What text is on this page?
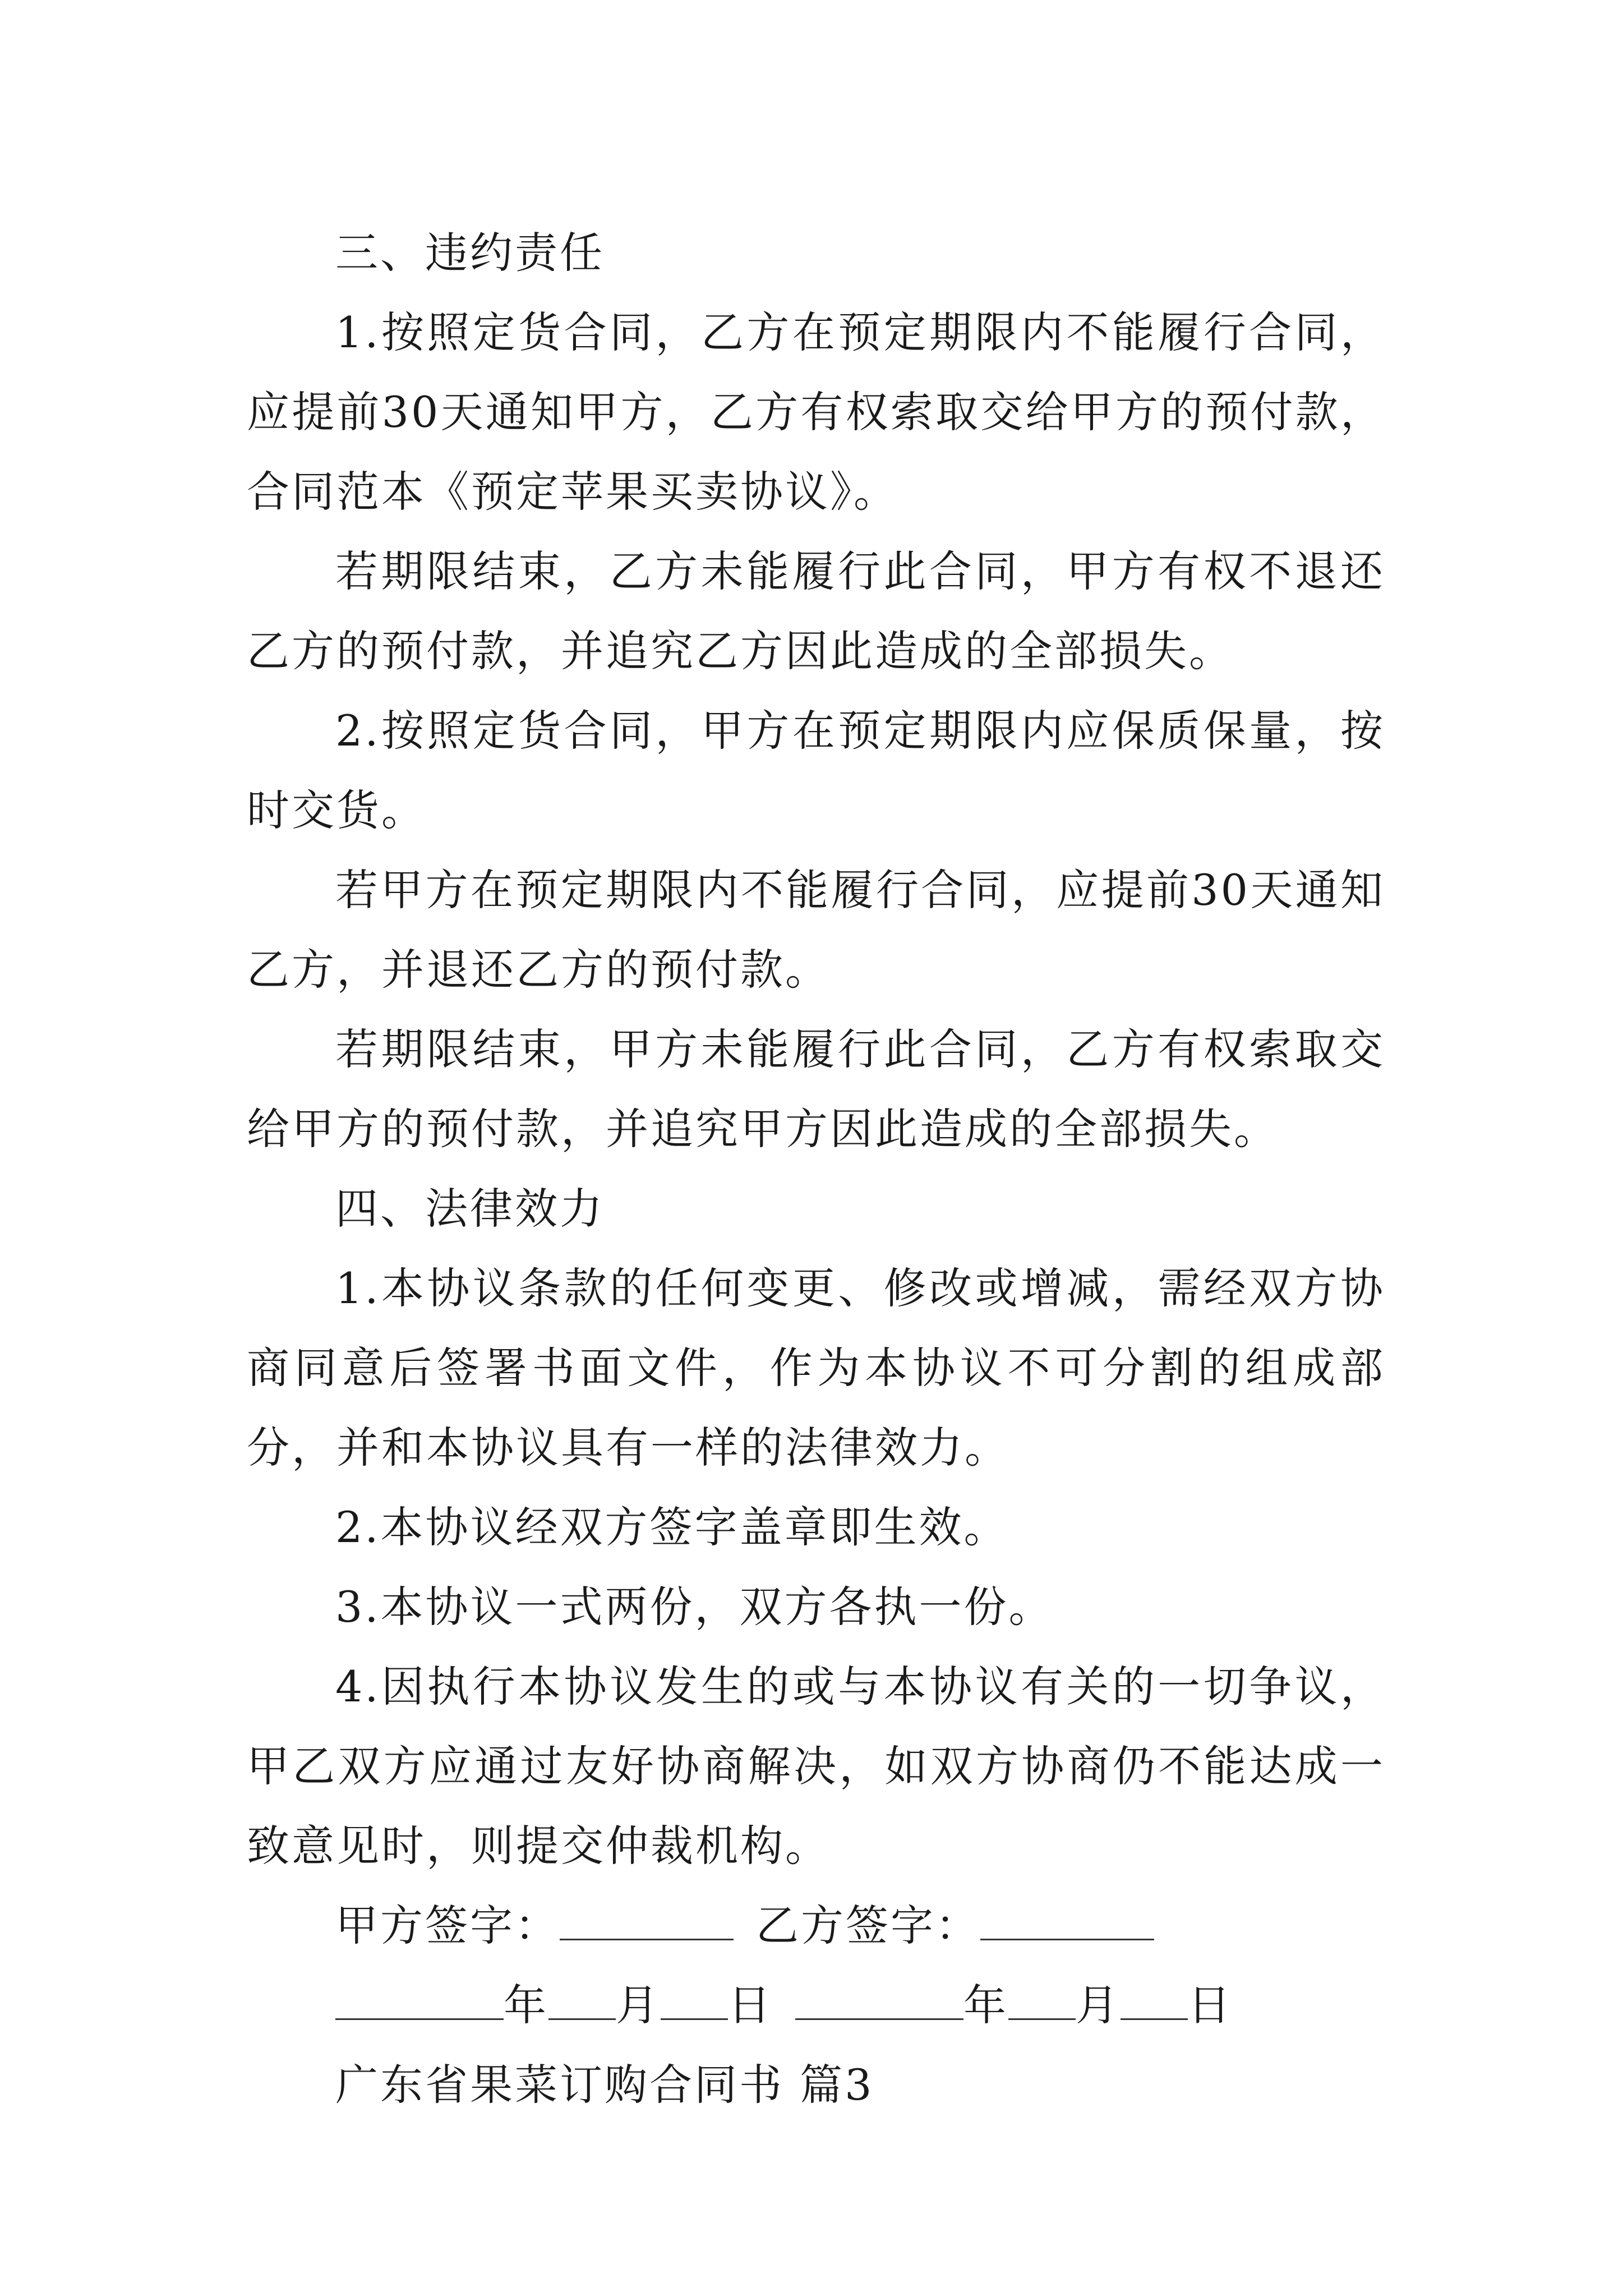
三、违约责任

1.按照定货合同，乙方在预定期限内不能履行合同，应提前30天通知甲方，乙方有权索取交给甲方的预付款，合同范本《预定苹果买卖协议》。

若期限结束，乙方未能履行此合同，甲方有权不退还乙方的预付款，并追究乙方因此造成的全部损失。

2.按照定货合同，甲方在预定期限内应保质保量，按时交货。

若甲方在预定期限内不能履行合同，应提前30天通知乙方，并退还乙方的预付款。

若期限结束，甲方未能履行此合同，乙方有权索取交给甲方的预付款，并追究甲方因此造成的全部损失。

四、法律效力

1.本协议条款的任何变更、修改或增减，需经双方协商同意后签署书面文件，作为本协议不可分割的组成部分，并和本协议具有一样的法律效力。

2.本协议经双方签字盖章即生效。

3.本协议一式两份，双方各执一份。

4.因执行本协议发生的或与本协议有关的一切争议，甲乙双方应通过友好协商解决，如双方协商仍不能达成一致意见时，则提交仲裁机构。

甲方签字：	乙方签字：

年 月 日	年 月 日

广东省果菜订购合同书 篇3
